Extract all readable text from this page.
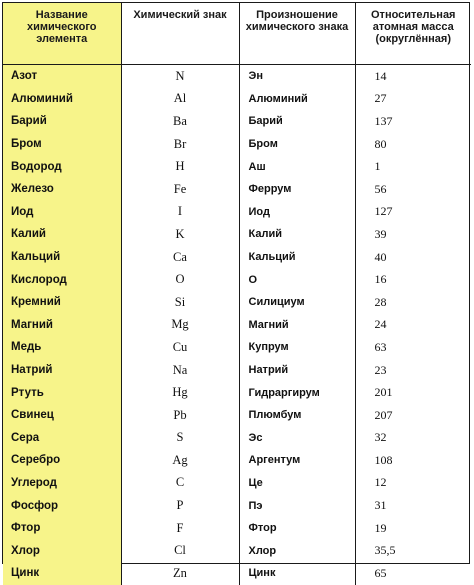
Название химического элемента	Химический знак	Произношение химического знака	Относительная атомная масса (округлённая)
Азот	N	Эн	14
Алюминий	Al	Алюминий	27
Барий	Ba	Барий	137
Бром	Br	Бром	80
Водород	H	Аш	1
Железо	Fe	Феррум	56
Иод	I	Иод	127
Калий	K	Калий	39
Кальций	Ca	Кальций	40
Кислород	O	О	16
Кремний	Si	Силициум	28
Магний	Mg	Магний	24
Медь	Cu	Купрум	63
Натрий	Na	Натрий	23
Ртуть	Hg	Гидраргирум	201
Свинец	Pb	Плюмбум	207
Сера	S	Эс	32
Серебро	Ag	Аргентум	108
Углерод	C	Це	12
Фосфор	P	Пэ	31
Фтор	F	Фтор	19
Хлор	Cl	Хлор	35,5
Цинк	Zn	Цинк	65
